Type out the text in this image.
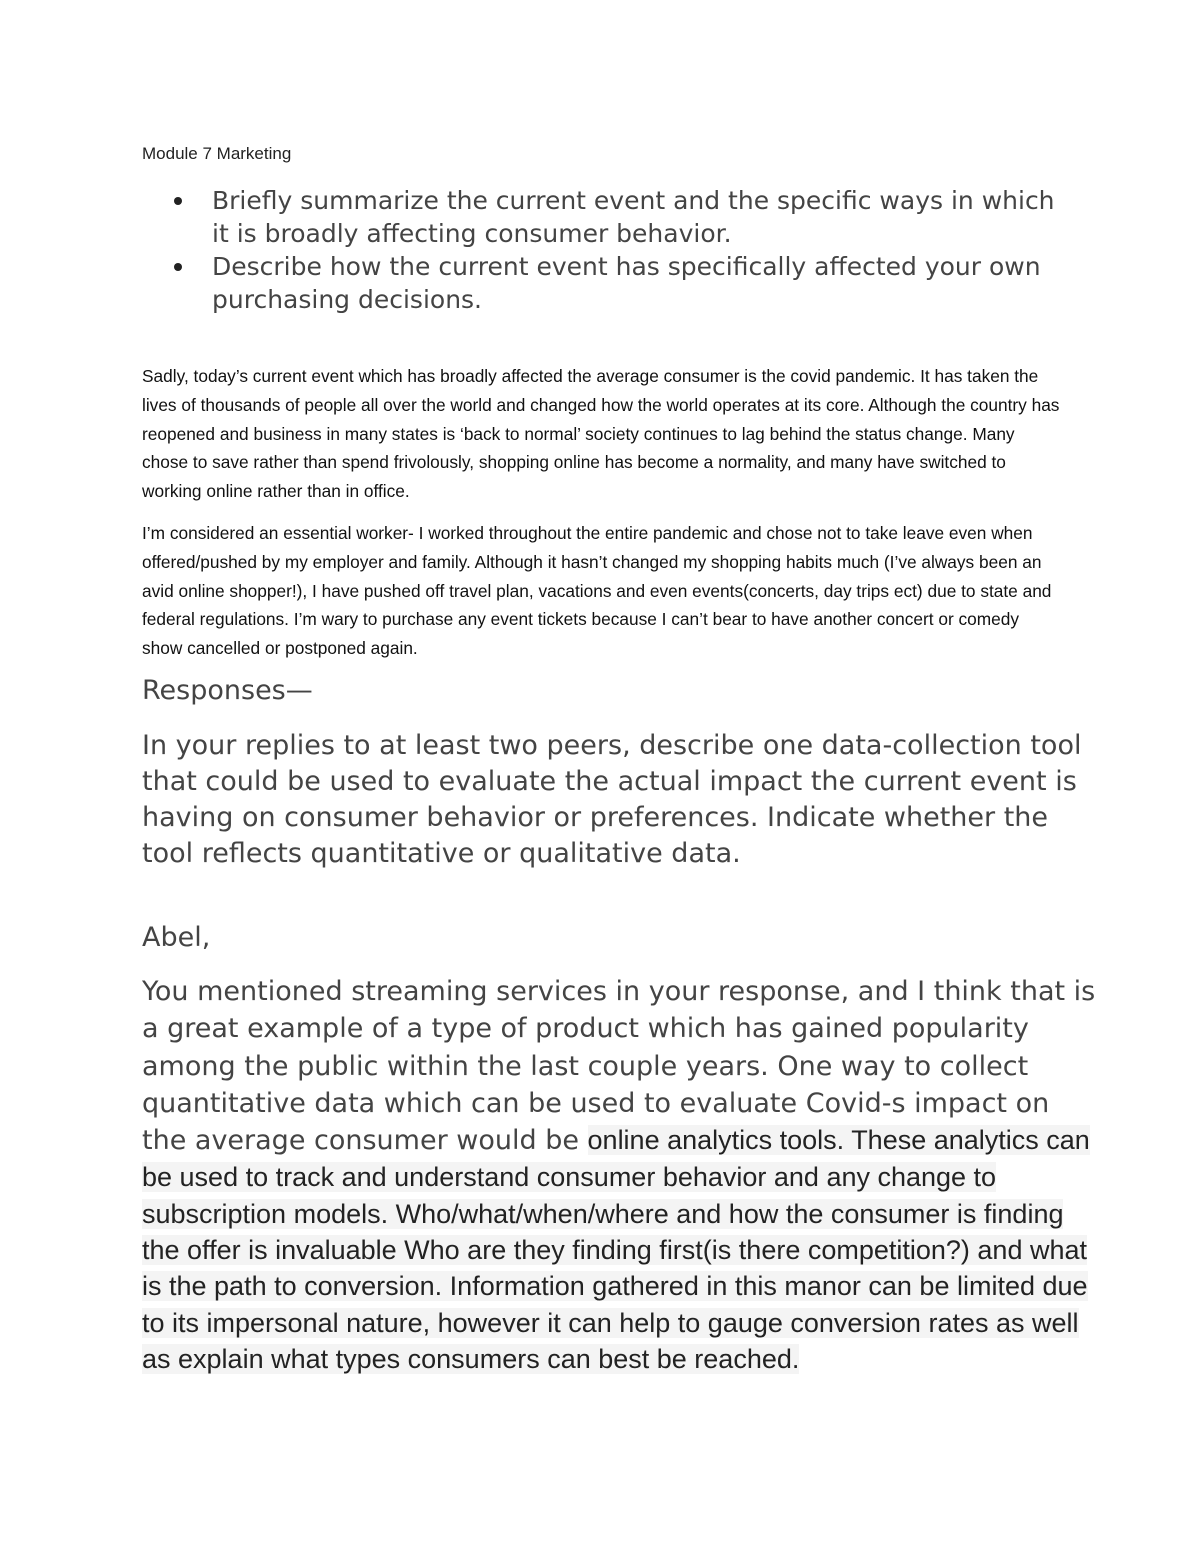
Module 7 Marketing
Briefly summarize the current event and the specific ways in which it is broadly affecting consumer behavior.
Describe how the current event has specifically affected your own purchasing decisions.

Sadly, today’s current event which has broadly affected the average consumer is the covid pandemic. It has taken the lives of thousands of people all over the world and changed how the world operates at its core. Although the country has reopened and business in many states is ‘back to normal’ society continues to lag behind the status change. Many chose to save rather than spend frivolously, shopping online has become a normality, and many have switched to working online rather than in office.

I’m considered an essential worker- I worked throughout the entire pandemic and chose not to take leave even when offered/pushed by my employer and family. Although it hasn’t changed my shopping habits much (I’ve always been an avid online shopper!), I have pushed off travel plan, vacations and even events(concerts, day trips ect) due to state and federal regulations. I’m wary to purchase any event tickets because I can’t bear to have another concert or comedy show cancelled or postponed again.

Responses—

In your replies to at least two peers, describe one data-collection tool that could be used to evaluate the actual impact the current event is having on consumer behavior or preferences. Indicate whether the tool reflects quantitative or qualitative data.

Abel,

You mentioned streaming services in your response, and I think that is a great example of a type of product which has gained popularity among the public within the last couple years. One way to collect quantitative data which can be used to evaluate Covid-s impact on the average consumer would be online analytics tools. These analytics can be used to track and understand consumer behavior and any change to subscription models. Who/what/when/where and how the consumer is finding the offer is invaluable Who are they finding first(is there competition?) and what is the path to conversion. Information gathered in this manor can be limited due to its impersonal nature, however it can help to gauge conversion rates as well as explain what types consumers can best be reached.
